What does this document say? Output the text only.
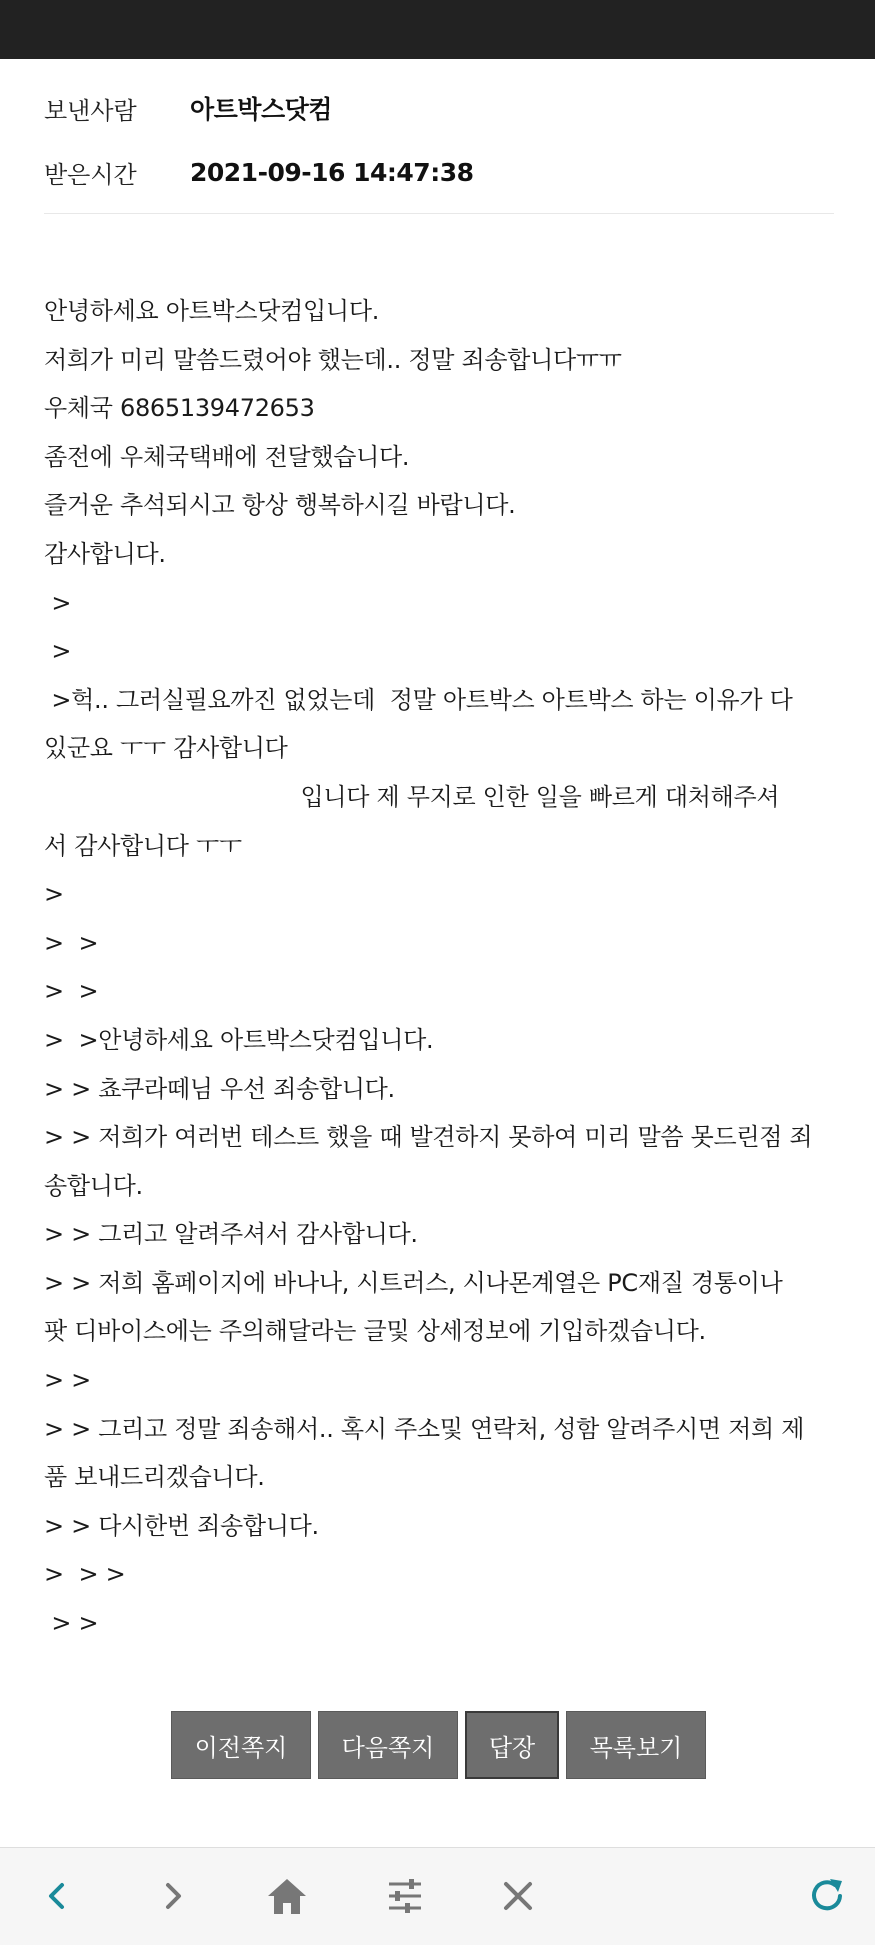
보낸사람	아트박스닷컴
받은시간	2021-09-16 14:47:38
안녕하세요 아트박스닷컴입니다.
저희가 미리 말씀드렸어야 했는데.. 정말 죄송합니다ㅠㅠ
우체국 6865139472653
좀전에 우체국택배에 전달했습니다.
즐거운 추석되시고 항상 행복하시길 바랍니다.
감사합니다.
>
>
>헉.. 그러실필요까진 없었는데  정말 아트박스 아트박스 하는 이유가 다
있군요 ㅜㅜ 감사합니다
입니다 제 무지로 인한 일을 빠르게 대처해주셔
서 감사합니다 ㅜㅜ
>
>  >
>  >
>  >안녕하세요 아트박스닷컴입니다.
> > 쵸쿠라떼님 우선 죄송합니다.
> > 저희가 여러번 테스트 했을 때 발견하지 못하여 미리 말씀 못드린점 죄
송합니다.
> > 그리고 알려주셔서 감사합니다.
> > 저희 홈페이지에 바나나, 시트러스, 시나몬계열은 PC재질 경통이나
팟 디바이스에는 주의해달라는 글및 상세정보에 기입하겠습니다.
> >
> > 그리고 정말 죄송해서.. 혹시 주소및 연락처, 성함 알려주시면 저희 제
품 보내드리겠습니다.
> > 다시한번 죄송합니다.
>  > >
> >
이전쪽지	다음쪽지	답장	목록보기
